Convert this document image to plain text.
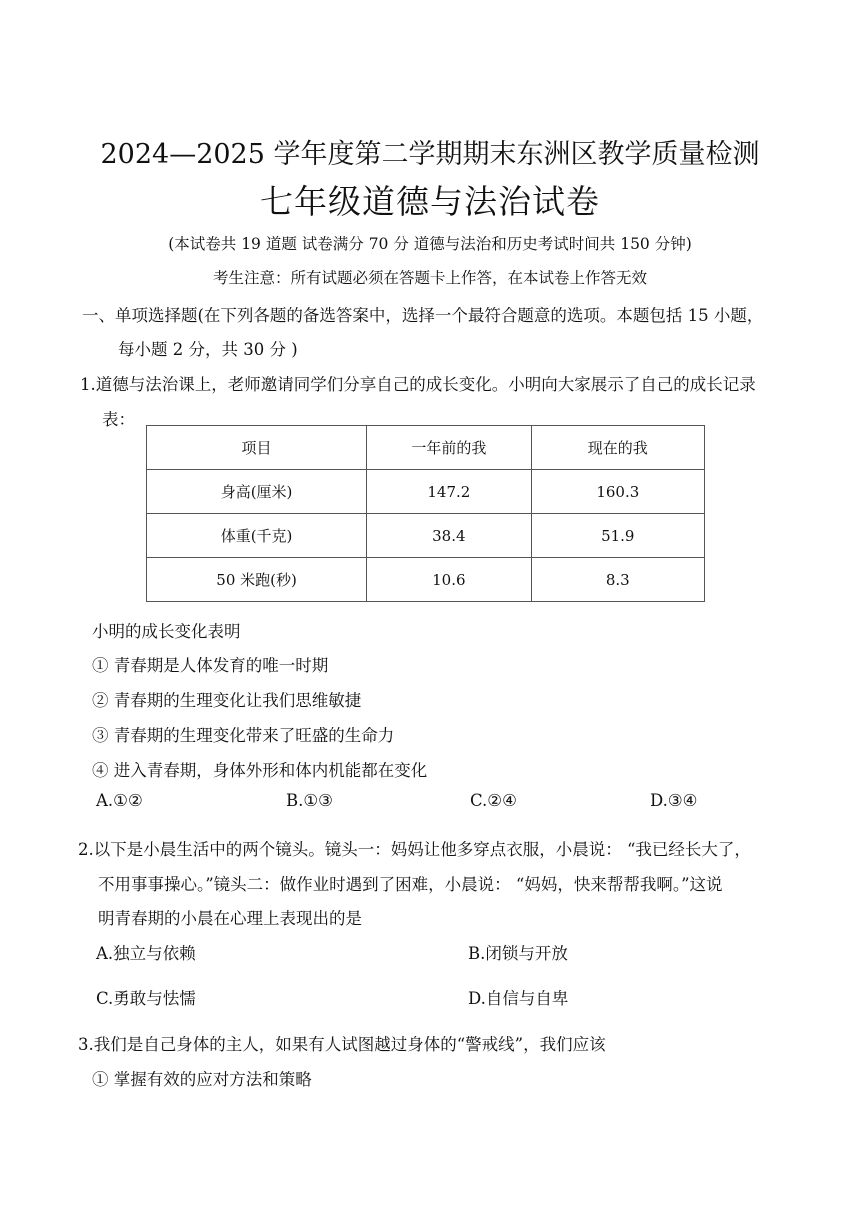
2024—2025 学年度第二学期期末东洲区教学质量检测
七年级道德与法治试卷
(本试卷共 19 道题 试卷满分 70 分 道德与法治和历史考试时间共 150 分钟)
考生注意：所有试题必须在答题卡上作答，在本试卷上作答无效
一、单项选择题(在下列各题的备选答案中，选择一个最符合题意的选项。本题包括 15 小题，
每小题 2 分，共 30 分 )
1.道德与法治课上，老师邀请同学们分享自己的成长变化。小明向大家展示了自己的成长记录
表：
项目	一年前的我	现在的我
身高(厘米)	147.2	160.3
体重(千克)	38.4	51.9
50 米跑(秒)	10.6	8.3
小明的成长变化表明
① 青春期是人体发育的唯一时期
② 青春期的生理变化让我们思维敏捷
③ 青春期的生理变化带来了旺盛的生命力
④ 进入青春期，身体外形和体内机能都在变化
A.①②	B.①③	C.②④	D.③④
2.以下是小晨生活中的两个镜头。镜头一：妈妈让他多穿点衣服，小晨说： “我已经长大了，
不用事事操心。”镜头二：做作业时遇到了困难，小晨说： “妈妈，快来帮帮我啊。”这说
明青春期的小晨在心理上表现出的是
A.独立与依赖	B.闭锁与开放
C.勇敢与怯懦	D.自信与自卑
3.我们是自己身体的主人，如果有人试图越过身体的“警戒线”，我们应该
① 掌握有效的应对方法和策略
